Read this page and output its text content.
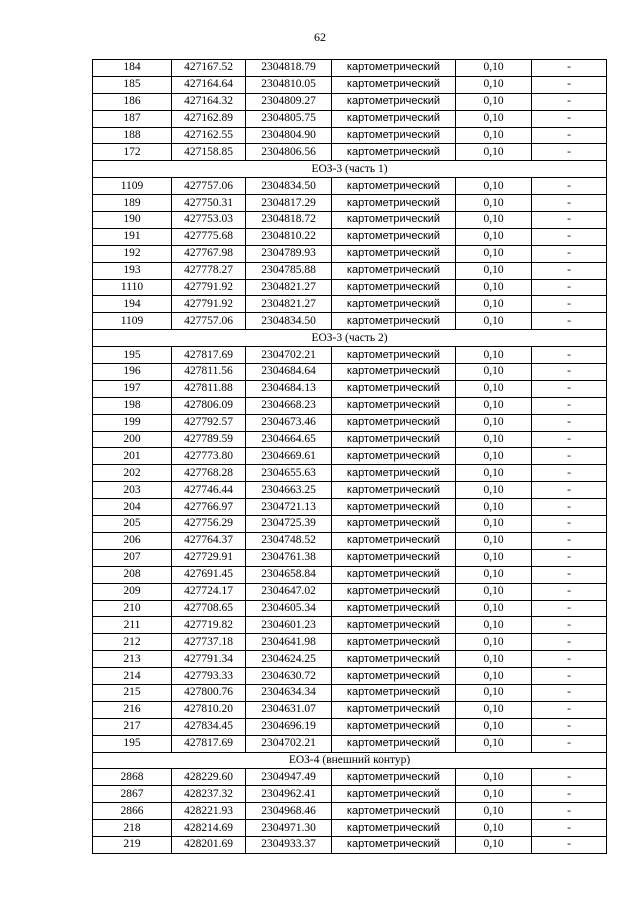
62
184	427167.52	2304818.79	картометрический	0,10	-
185	427164.64	2304810.05	картометрический	0,10	-
186	427164.32	2304809.27	картометрический	0,10	-
187	427162.89	2304805.75	картометрический	0,10	-
188	427162.55	2304804.90	картометрический	0,10	-
172	427158.85	2304806.56	картометрический	0,10	-
ЕОЗ-3 (часть 1)					
1109	427757.06	2304834.50	картометрический	0,10	-
189	427750.31	2304817.29	картометрический	0,10	-
190	427753.03	2304818.72	картометрический	0,10	-
191	427775.68	2304810.22	картометрический	0,10	-
192	427767.98	2304789.93	картометрический	0,10	-
193	427778.27	2304785.88	картометрический	0,10	-
1110	427791.92	2304821.27	картометрический	0,10	-
194	427791.92	2304821.27	картометрический	0,10	-
1109	427757.06	2304834.50	картометрический	0,10	-
ЕОЗ-3 (часть 2)					
195	427817.69	2304702.21	картометрический	0,10	-
196	427811.56	2304684.64	картометрический	0,10	-
197	427811.88	2304684.13	картометрический	0,10	-
198	427806.09	2304668.23	картометрический	0,10	-
199	427792.57	2304673.46	картометрический	0,10	-
200	427789.59	2304664.65	картометрический	0,10	-
201	427773.80	2304669.61	картометрический	0,10	-
202	427768.28	2304655.63	картометрический	0,10	-
203	427746.44	2304663.25	картометрический	0,10	-
204	427766.97	2304721.13	картометрический	0,10	-
205	427756.29	2304725.39	картометрический	0,10	-
206	427764.37	2304748.52	картометрический	0,10	-
207	427729.91	2304761.38	картометрический	0,10	-
208	427691.45	2304658.84	картометрический	0,10	-
209	427724.17	2304647.02	картометрический	0,10	-
210	427708.65	2304605.34	картометрический	0,10	-
211	427719.82	2304601.23	картометрический	0,10	-
212	427737.18	2304641.98	картометрический	0,10	-
213	427791.34	2304624.25	картометрический	0,10	-
214	427793.33	2304630.72	картометрический	0,10	-
215	427800.76	2304634.34	картометрический	0,10	-
216	427810.20	2304631.07	картометрический	0,10	-
217	427834.45	2304696.19	картометрический	0,10	-
195	427817.69	2304702.21	картометрический	0,10	-
ЕОЗ-4 (внешний контур)					
2868	428229.60	2304947.49	картометрический	0,10	-
2867	428237.32	2304962.41	картометрический	0,10	-
2866	428221.93	2304968.46	картометрический	0,10	-
218	428214.69	2304971.30	картометрический	0,10	-
219	428201.69	2304933.37	картометрический	0,10	-
